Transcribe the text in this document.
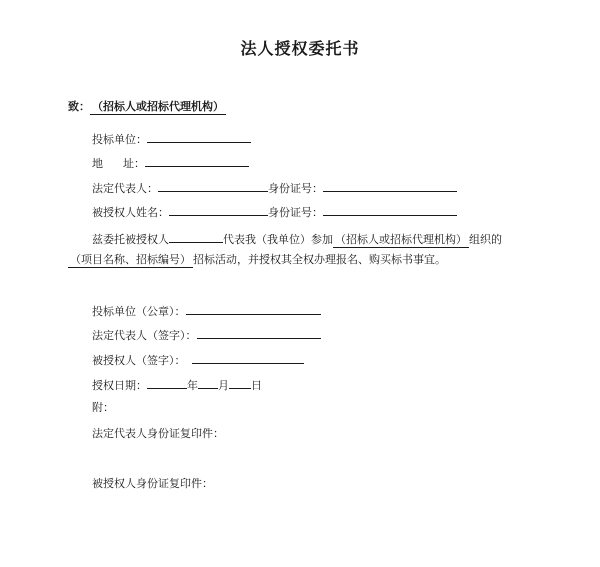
法人授权委托书
致： （招标人或招标代理机构）
投标单位：
地 址：
法定代表人：	身份证号：
被授权人姓名：	身份证号：
兹委托被授权人	代表我（我单位）参加 （招标人或招标代理机构） 组织的
（项目名称、招标编号） 招标活动，并授权其全权办理报名、购买标书事宜。
投标单位（公章）：
法定代表人（签字）：
被授权人（签字）：
授权日期：	年 月 日
附：
法定代表人身份证复印件：
被授权人身份证复印件：
